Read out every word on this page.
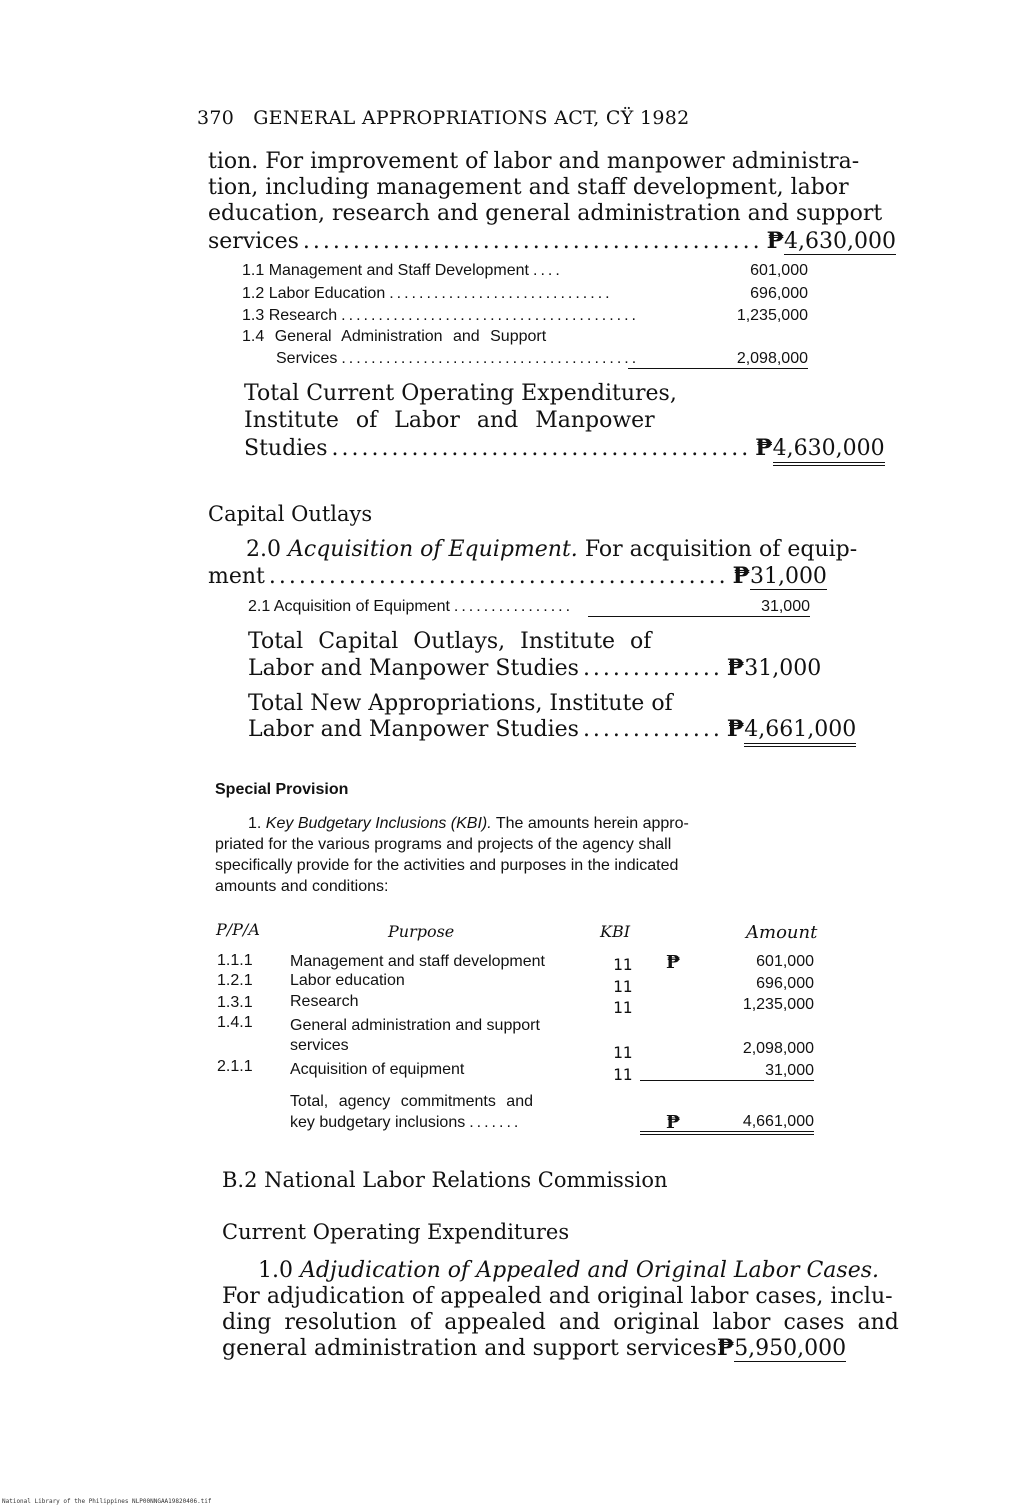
370 GENERAL APPROPRIATIONS ACT, CŸ 1982
tion. For improvement of labor and manpower administra-
tion, including management and staff development, labor
education, research and general administration and support
services .............................................. ₱ 4,630,000
1.1 Management and Staff Development ....	601,000
1.2 Labor Education ..............................	696,000
1.3 Research ........................................	1,235,000
1.4 General Administration and Support
Services ........................................	2,098,000
Total Current Operating Expenditures,
Institute of Labor and Manpower
Studies .......................................... ₱ 4,630,000
Capital Outlays
2.0 Acquisition of Equipment. For acquisition of equip-
ment .............................................. ₱ 31,000
2.1 Acquisition of Equipment ................	31,000
Total Capital Outlays, Institute of
Labor and Manpower Studies .............. ₱ 31,000
Total New Appropriations, Institute of
Labor and Manpower Studies .............. ₱ 4,661,000
Special Provision
1. Key Budgetary Inclusions (KBI). The amounts herein appro-
priated for the various programs and projects of the agency shall
specifically provide for the activities and purposes in the indicated
amounts and conditions:
P/P/A	Purpose	KBI	Amount
1.1.1 Management and staff development	11 ₱	601,000
1.2.1 Labor education	11	696,000
1.3.1 Research	11	1,235,000
1.4.1 General administration and support
services	11	2,098,000
2.1.1 Acquisition of equipment	11	31,000
Total, agency commitments and
key budgetary inclusions .......	₱	4,661,000
B.2 National Labor Relations Commission
Current Operating Expenditures
1.0 Adjudication of Appealed and Original Labor Cases.
For adjudication of appealed and original labor cases, inclu-
ding resolution of appealed and original labor cases and
general administration and support services ₱ 5,950,000
National Library of the Philippines NLP00NNGAA19820406.tif
